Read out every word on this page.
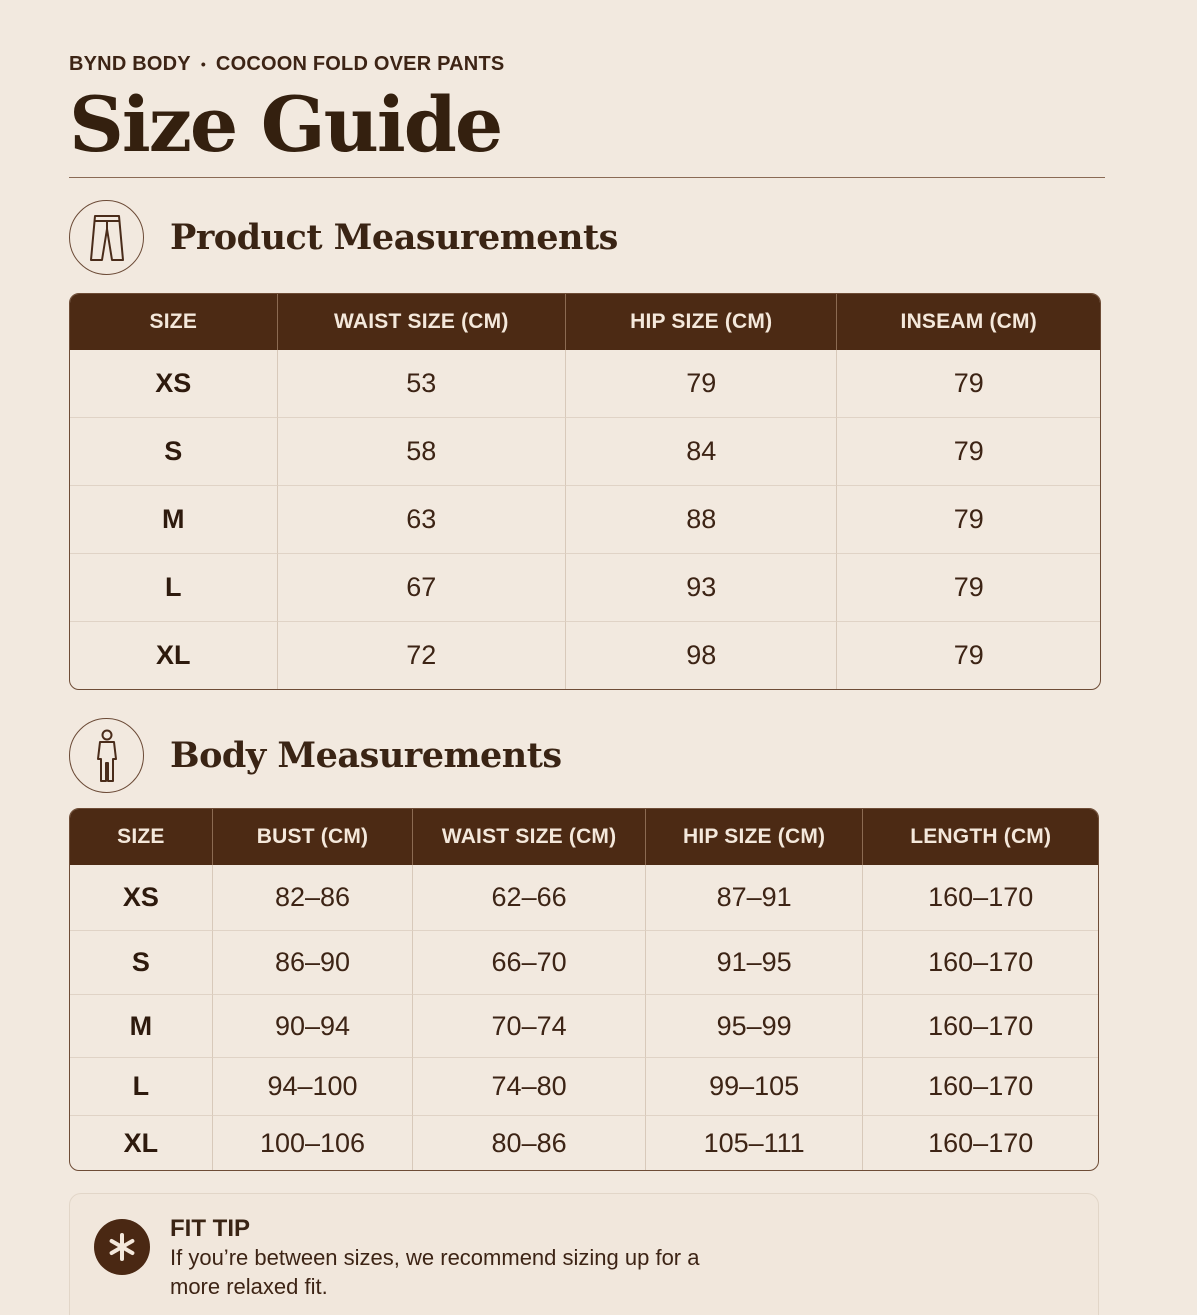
BYND BODY • COCOON FOLD OVER PANTS
Size Guide
Product Measurements
SIZE	WAIST SIZE (CM)	HIP SIZE (CM)	INSEAM (CM)
XS	53	79	79
S	58	84	79
M	63	88	79
L	67	93	79
XL	72	98	79
Body Measurements
SIZE	BUST (CM)	WAIST SIZE (CM)	HIP SIZE (CM)	LENGTH (CM)
XS	82–86	62–66	87–91	160–170
S	86–90	66–70	91–95	160–170
M	90–94	70–74	95–99	160–170
L	94–100	74–80	99–105	160–170
XL	100–106	80–86	105–111	160–170
FIT TIP
If you’re between sizes, we recommend sizing up for a more relaxed fit.
